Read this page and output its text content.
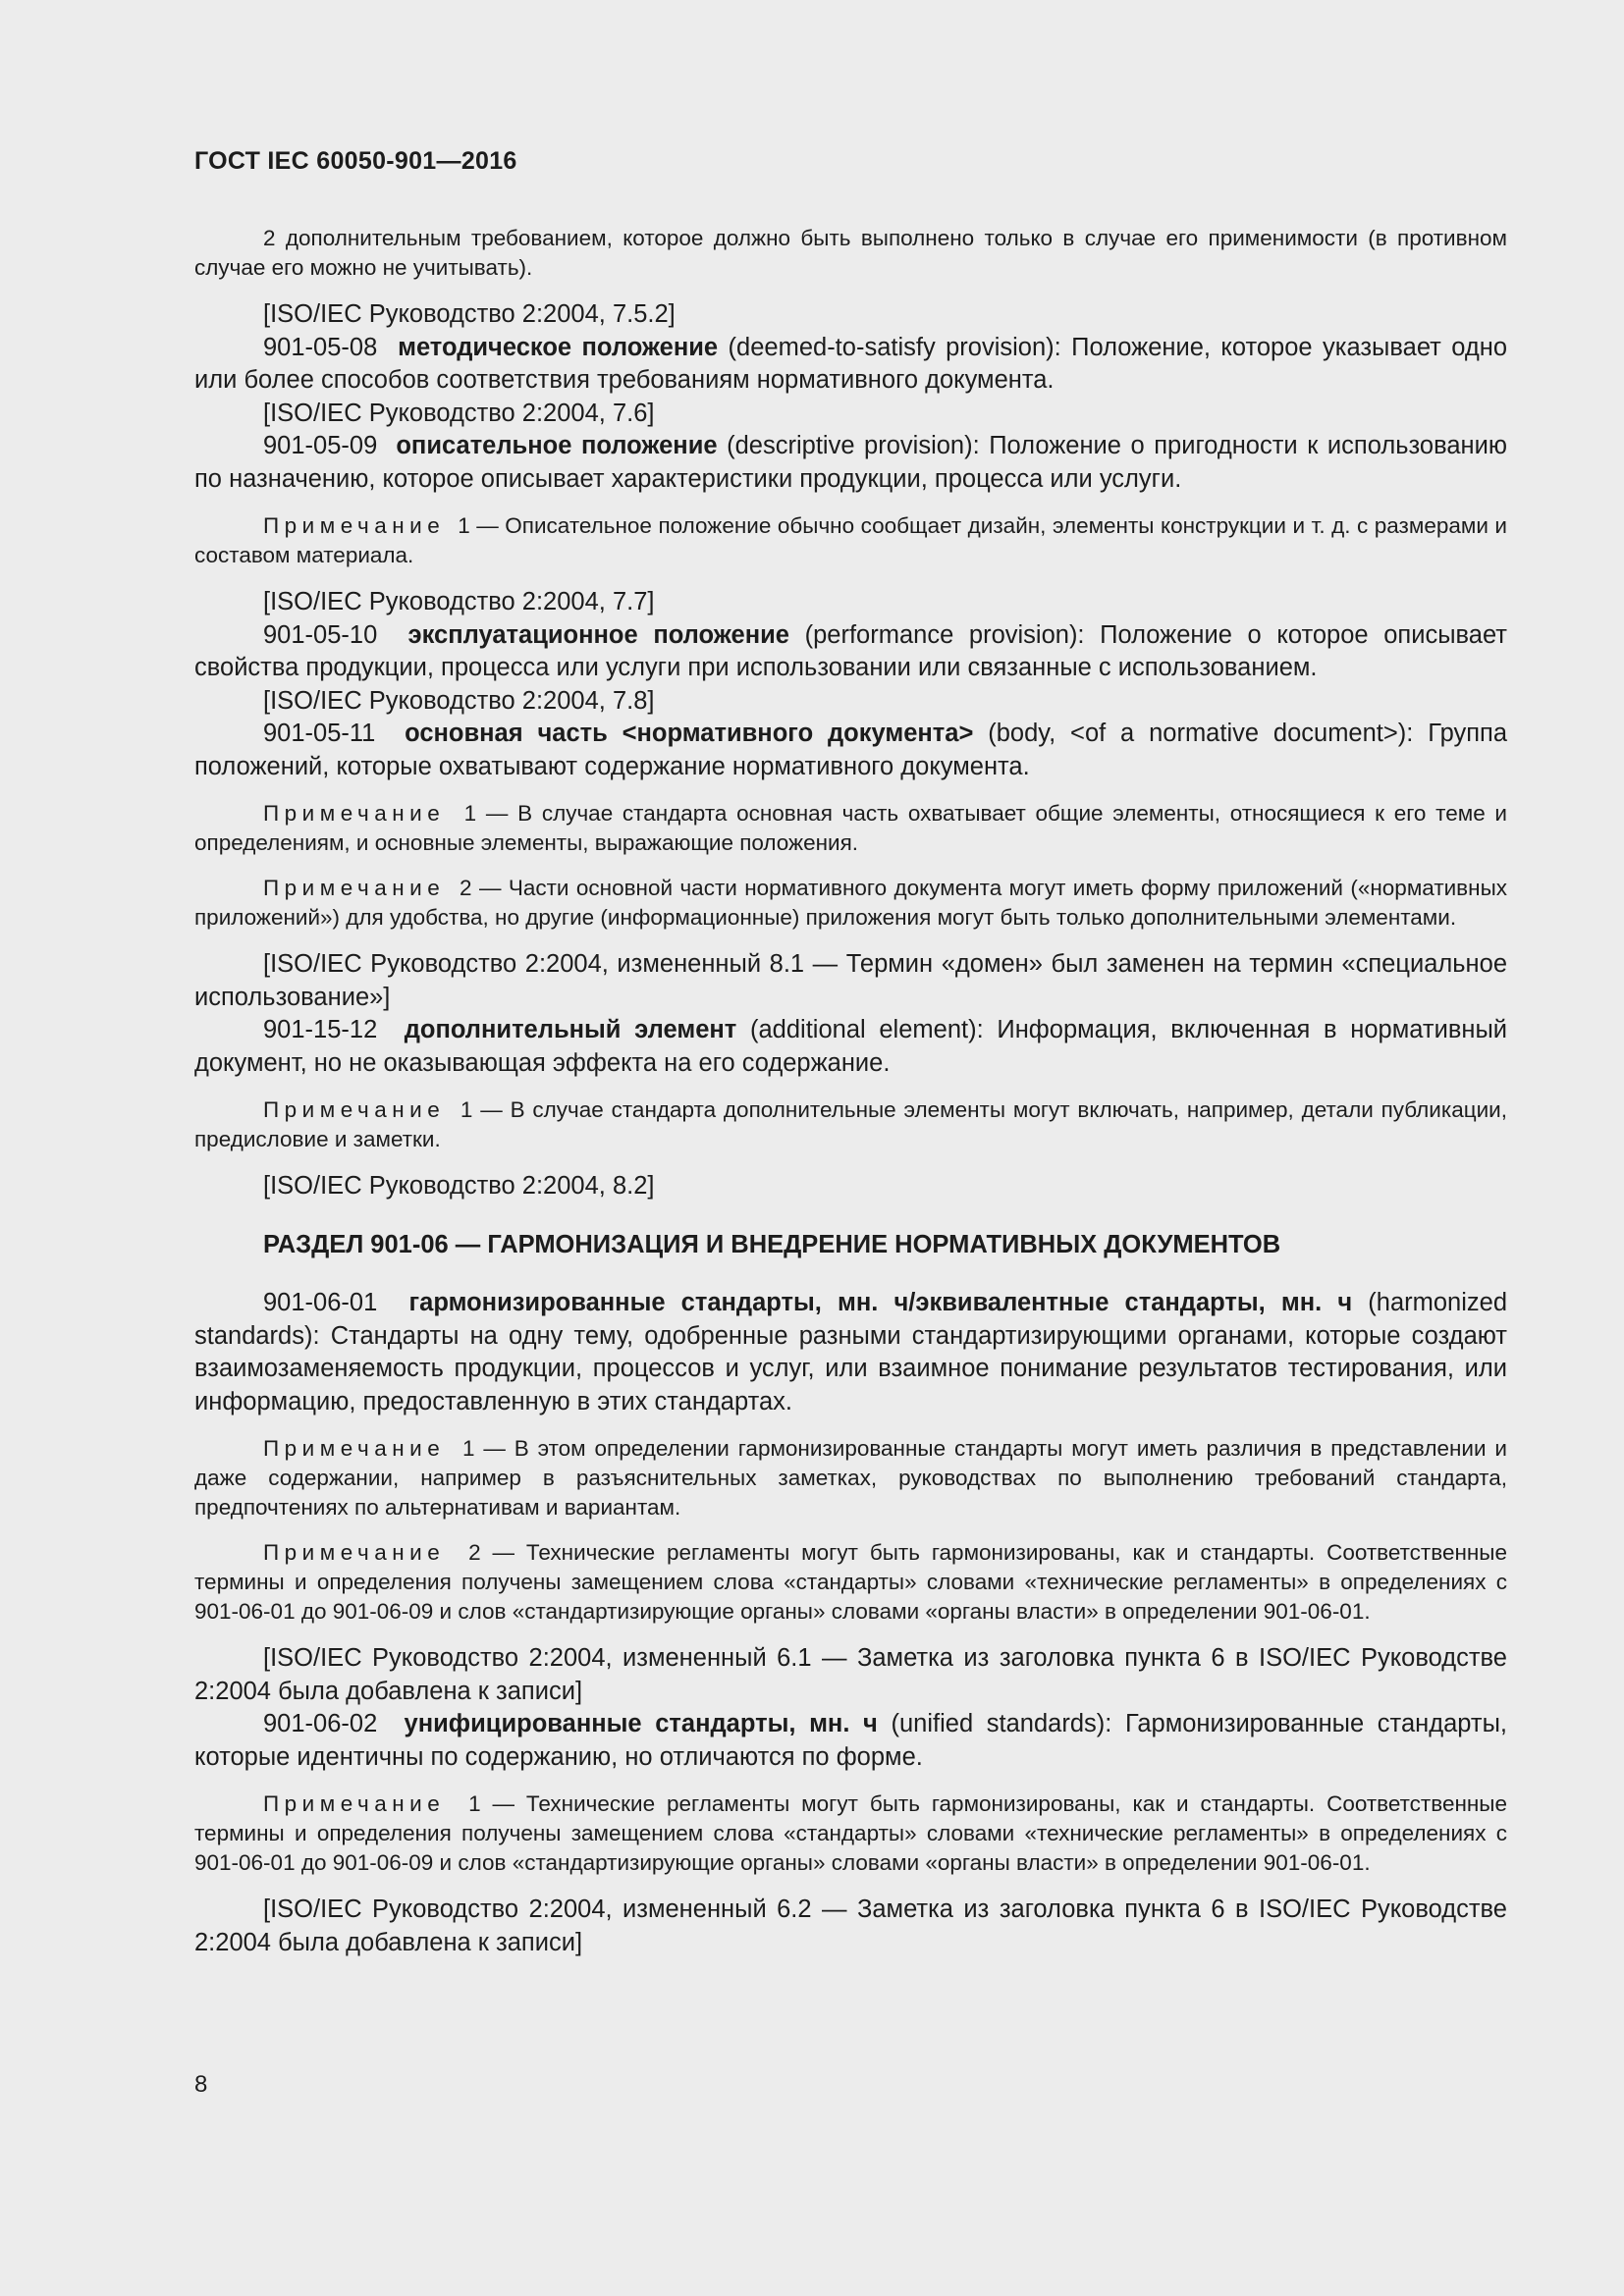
ГОСТ IEC 60050-901—2016

2 дополнительным требованием, которое должно быть выполнено только в случае его применимости (в противном случае его можно не учитывать).

[ISO/IEC Руководство 2:2004, 7.5.2]

901-05-08 методическое положение (deemed-to-satisfy provision): Положение, которое указывает одно или более способов соответствия требованиям нормативного документа.

[ISO/IEC Руководство 2:2004, 7.6]

901-05-09 описательное положение (descriptive provision): Положение о пригодности к использованию по назначению, которое описывает характеристики продукции, процесса или услуги.

Примечание 1 — Описательное положение обычно сообщает дизайн, элементы конструкции и т. д. с размерами и составом материала.

[ISO/IEC Руководство 2:2004, 7.7]

901-05-10 эксплуатационное положение (performance provision): Положение о которое описывает свойства продукции, процесса или услуги при использовании или связанные с использованием.

[ISO/IEC Руководство 2:2004, 7.8]

901-05-11 основная часть <нормативного документа> (body, <of a normative document>): Группа положений, которые охватывают содержание нормативного документа.

Примечание 1 — В случае стандарта основная часть охватывает общие элементы, относящиеся к его теме и определениям, и основные элементы, выражающие положения.

Примечание 2 — Части основной части нормативного документа могут иметь форму приложений («нормативных приложений») для удобства, но другие (информационные) приложения могут быть только дополнительными элементами.

[ISO/IEC Руководство 2:2004, измененный 8.1 — Термин «домен» был заменен на термин «специальное использование»]

901-15-12 дополнительный элемент (additional element): Информация, включенная в нормативный документ, но не оказывающая эффекта на его содержание.

Примечание 1 — В случае стандарта дополнительные элементы могут включать, например, детали публикации, предисловие и заметки.

[ISO/IEC Руководство 2:2004, 8.2]

РАЗДЕЛ 901-06 — ГАРМОНИЗАЦИЯ И ВНЕДРЕНИЕ НОРМАТИВНЫХ ДОКУМЕНТОВ

901-06-01 гармонизированные стандарты, мн. ч/эквивалентные стандарты, мн. ч (harmonized standards): Стандарты на одну тему, одобренные разными стандартизирующими органами, которые создают взаимозаменяемость продукции, процессов и услуг, или взаимное понимание результатов тестирования, или информацию, предоставленную в этих стандартах.

Примечание 1 — В этом определении гармонизированные стандарты могут иметь различия в представлении и даже содержании, например в разъяснительных заметках, руководствах по выполнению требований стандарта, предпочтениях по альтернативам и вариантам.

Примечание 2 — Технические регламенты могут быть гармонизированы, как и стандарты. Соответственные термины и определения получены замещением слова «стандарты» словами «технические регламенты» в определениях с 901-06-01 до 901-06-09 и слов «стандартизирующие органы» словами «органы власти» в определении 901-06-01.

[ISO/IEC Руководство 2:2004, измененный 6.1 — Заметка из заголовка пункта 6 в ISO/IEC Руководстве 2:2004 была добавлена к записи]

901-06-02 унифицированные стандарты, мн. ч (unified standards): Гармонизированные стандарты, которые идентичны по содержанию, но отличаются по форме.

Примечание 1 — Технические регламенты могут быть гармонизированы, как и стандарты. Соответственные термины и определения получены замещением слова «стандарты» словами «технические регламенты» в определениях с 901-06-01 до 901-06-09 и слов «стандартизирующие органы» словами «органы власти» в определении 901-06-01.

[ISO/IEC Руководство 2:2004, измененный 6.2 — Заметка из заголовка пункта 6 в ISO/IEC Руководстве 2:2004 была добавлена к записи]

8
